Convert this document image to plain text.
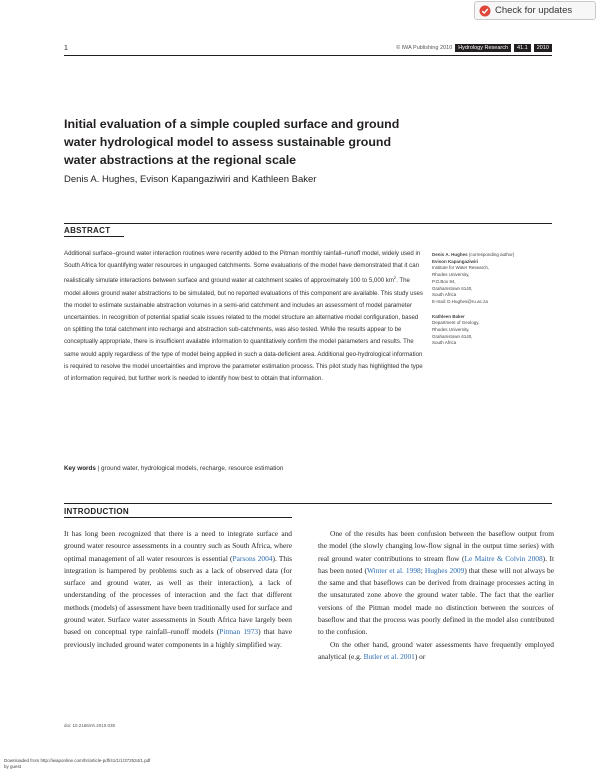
Check for updates
1	© IWA Publishing 2010	Hydrology Research	41.1	2010
Initial evaluation of a simple coupled surface and ground water hydrological model to assess sustainable ground water abstractions at the regional scale
Denis A. Hughes, Evison Kapangaziwiri and Kathleen Baker
ABSTRACT

Additional surface–ground water interaction routines were recently added to the Pitman monthly rainfall–runoff model, widely used in South Africa for quantifying water resources in ungauged catchments. Some evaluations of the model have demonstrated that it can realistically simulate interactions between surface and ground water at catchment scales of approximately 100 to 5,000 $km^2$. The model allows ground water abstractions to be simulated, but no reported evaluations of this component are available. This study uses the model to estimate sustainable abstraction volumes in a semi-arid catchment and includes an assessment of model parameter uncertainties. In recognition of potential spatial scale issues related to the model structure an alternative model configuration, based on splitting the total catchment into recharge and abstraction sub-catchments, was also tested. While the results appear to be conceptually appropriate, there is insufficient available information to quantitatively confirm the model parameters and results. The same would apply regardless of the type of model being applied in such a data-deficient area. Additional geo-hydrological information is required to resolve the model uncertainties and improve the parameter estimation process. This pilot study has highlighted the type of information required, but further work is needed to identify how best to obtain that information.

Key words | ground water, hydrological models, recharge, resource estimation

Denis A. Hughes (corresponding author)
Evison Kapangaziwiri
Institute for Water Research,
Rhodes University,
P.O.Box 94,
Grahamstown 6140,
South Africa
E-mail: D.Hughes@ru.ac.za

Kathleen Baker
Department of Geology,
Rhodes University,
Grahamstown 6140,
South Africa

INTRODUCTION

It has long been recognized that there is a need to integrate surface and ground water resource assessments in a country such as South Africa, where optimal management of all water resources is essential (Parsons 2004). This integration is hampered by problems such as a lack of observed data (for surface and ground water, as well as their interaction), a lack of understanding of the processes of interaction and the fact that different methods (models) of assessment have been traditionally used for surface and ground water. Surface water assessments in South Africa have largely been based on conceptual type rainfall–runoff models (Pitman 1973) that have previously included ground water components in a highly simplified way.

One of the results has been confusion between the baseflow output from the model (the slowly changing low-flow signal in the output time series) with real ground water contributions to stream flow (Le Maitre & Colvin 2008). It has been noted (Winter et al. 1998; Hughes 2009) that these will not always be the same and that baseflows can be derived from drainage processes acting in the unsaturated zone above the ground water table. The fact that the earlier versions of the Pitman model made no distinction between the sources of baseflow and that the process was poorly defined in the model also contributed to the confusion.

On the other hand, ground water assessments have frequently employed analytical (e.g. Butler et al. 2001) or

doi: 10.2166/nh.2010.038
Downloaded from http://iwaponline.com/hr/article-pdf/41/1/1/372534/1.pdf
by guest
